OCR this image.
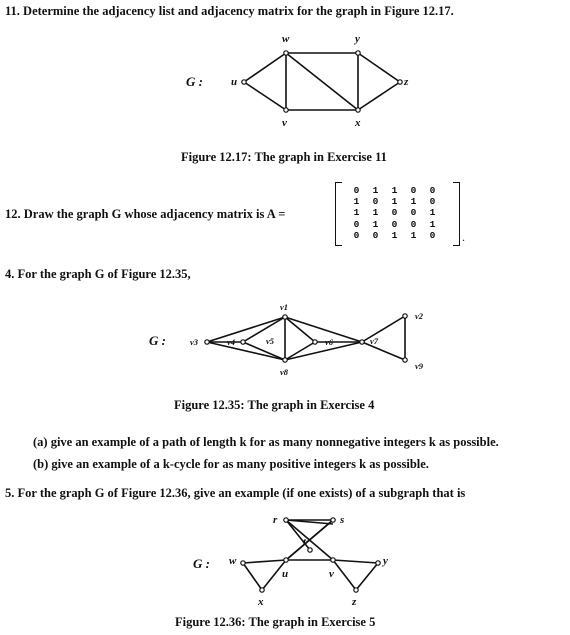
11. Determine the adjacency list and adjacency matrix for the graph in Figure 12.17.
G :
w	y
u	z
v	x
Figure 12.17: The graph in Exercise 11
12. Draw the graph G whose adjacency matrix is A =
0 1 1 0 0
1 0 1 1 0
1 1 0 0 1
0 1 0 0 1
0 0 1 1 0	.
4. For the graph G of Figure 12.35,
G :
v1
v2
v3	v4	v5	v6	v7
v8
v9
Figure 12.35: The graph in Exercise 4
(a) give an example of a path of length k for as many nonnegative integers k as possible.
(b) give an example of a k-cycle for as many positive integers k as possible.
5. For the graph G of Figure 12.36, give an example (if one exists) of a subgraph that is
G :
r	s
t
w	y
u	v
x	z
Figure 12.36: The graph in Exercise 5
